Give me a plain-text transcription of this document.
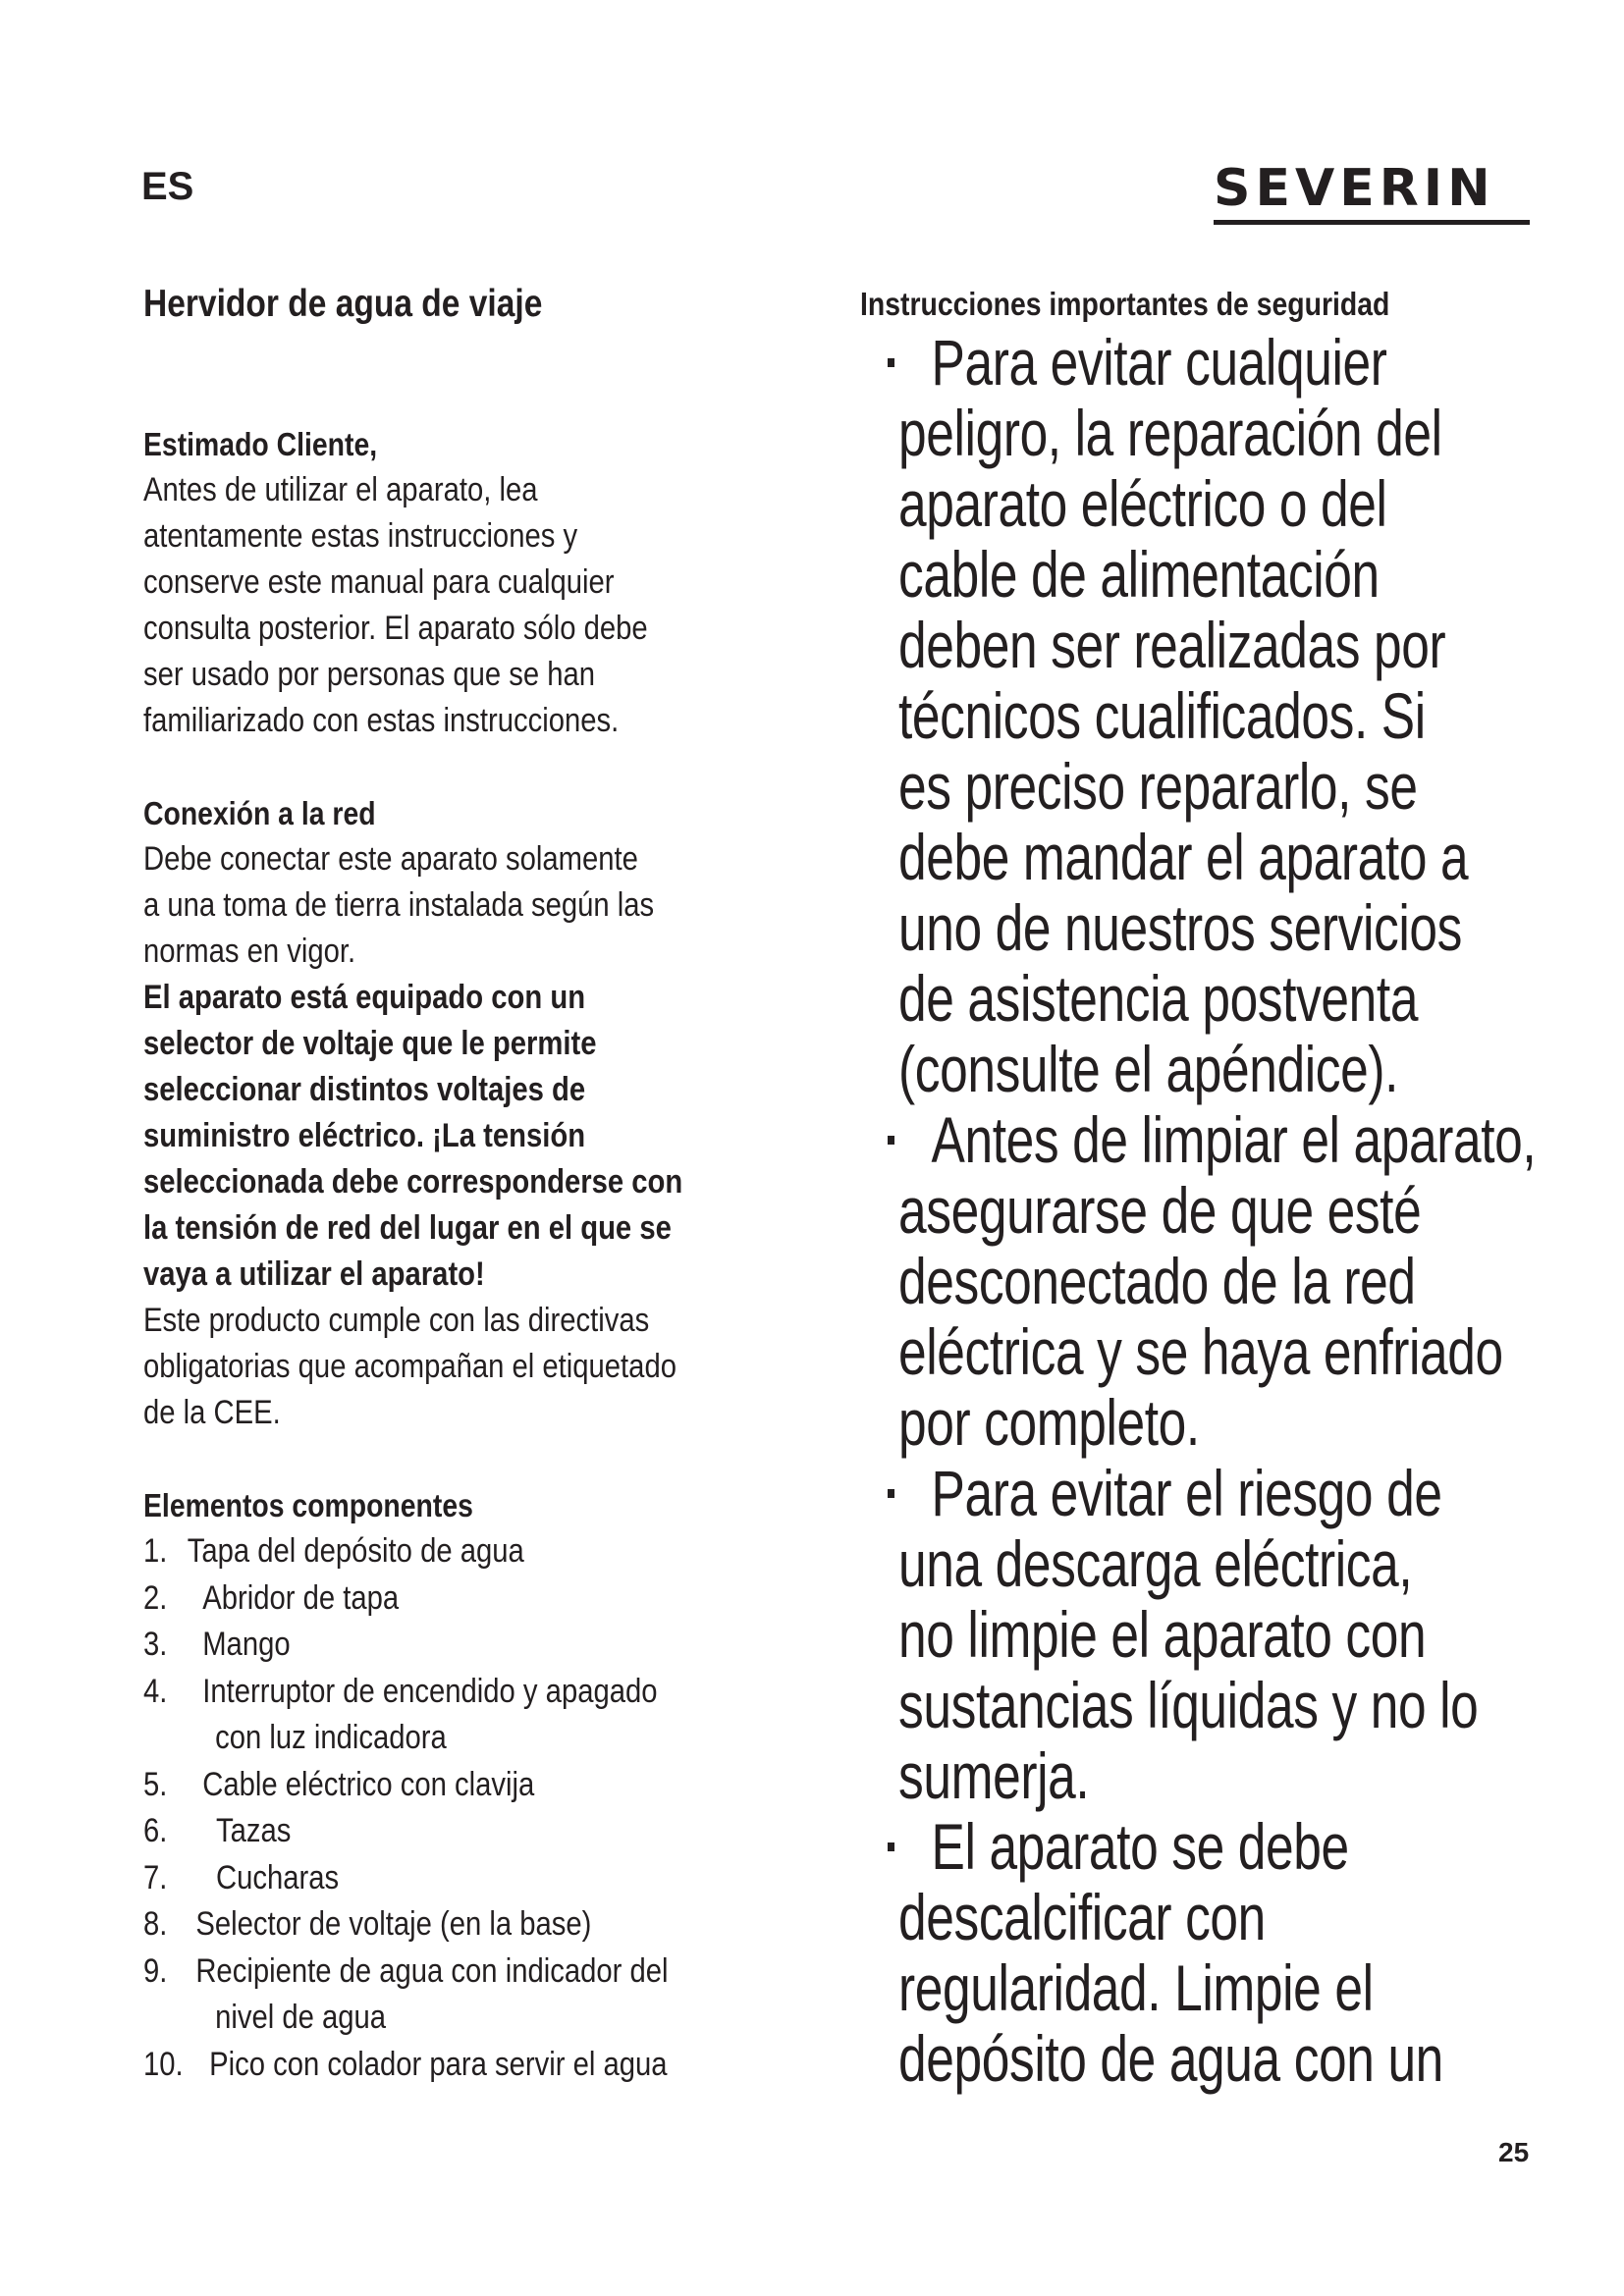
ES	SEVERIN
Hervidor de agua de viaje
Estimado Cliente,
Antes de utilizar el aparato, lea
atentamente estas instrucciones y
conserve este manual para cualquier
consulta posterior. El aparato sólo debe
ser usado por personas que se han
familiarizado con estas instrucciones.
Conexión a la red
Debe conectar este aparato solamente
a una toma de tierra instalada según las
normas en vigor.
El aparato está equipado con un
selector de voltaje que le permite
seleccionar distintos voltajes de
suministro eléctrico. ¡La tensión
seleccionada debe corresponderse con
la tensión de red del lugar en el que se
vaya a utilizar el aparato!
Este producto cumple con las directivas
obligatorias que acompañan el etiquetado
de la CEE.
Elementos componentes
1. Tapa del depósito de agua
2.	Abridor de tapa
3.	Mango
4.	Interruptor de encendido y apagado
con luz indicadora
5.	Cable eléctrico con clavija
6.	Tazas
7.	Cucharas
8. Selector de voltaje (en la base)
9. Recipiente de agua con indicador del
nivel de agua
10. Pico con colador para servir el agua
Instrucciones importantes de seguridad
Para evitar cualquier
peligro, la reparación del
aparato eléctrico o del
cable de alimentación
deben ser realizadas por
técnicos cualificados. Si
es preciso repararlo, se
debe mandar el aparato a
uno de nuestros servicios
de asistencia postventa
(consulte el apéndice).
Antes de limpiar el aparato,
asegurarse de que esté
desconectado de la red
eléctrica y se haya enfriado
por completo.
Para evitar el riesgo de
una descarga eléctrica,
no limpie el aparato con
sustancias líquidas y no lo
sumerja.
El aparato se debe
descalcificar con
regularidad. Limpie el
depósito de agua con un
25
